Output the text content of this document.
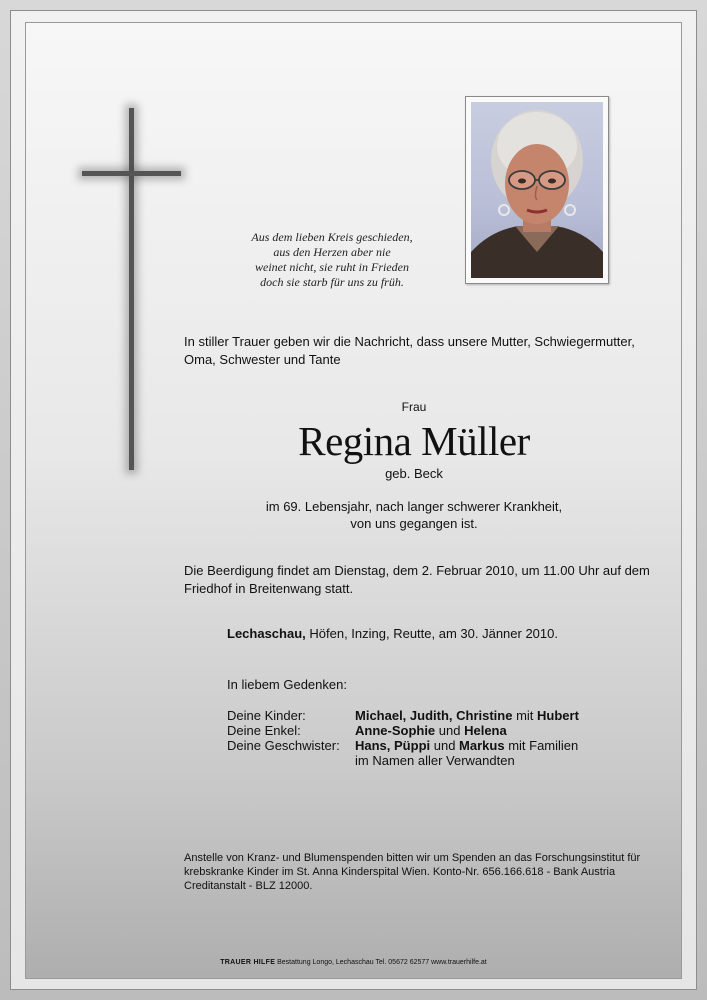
Aus dem lieben Kreis geschieden,
aus den Herzen aber nie
weinet nicht, sie ruht in Frieden
doch sie starb für uns zu früh.
In stiller Trauer geben wir die Nachricht, dass unsere Mutter, Schwiegermutter, Oma, Schwester und Tante
Frau
Regina Müller
geb. Beck
im 69. Lebensjahr, nach langer schwerer Krankheit,
von uns gegangen ist.
Die Beerdigung findet am Dienstag, dem 2. Februar 2010, um 11.00 Uhr auf dem Friedhof in Breitenwang statt.
Lechaschau, Höfen, Inzing, Reutte, am 30. Jänner 2010.
In liebem Gedenken:
Deine Kinder:	Michael, Judith, Christine mit Hubert
Deine Enkel:	Anne-Sophie und Helena
Deine Geschwister: Hans, Püppi und Markus mit Familien
im Namen aller Verwandten
Anstelle von Kranz- und Blumenspenden bitten wir um Spenden an das Forschungsinstitut für krebskranke Kinder im St. Anna Kinderspital Wien. Konto-Nr. 656.166.618 - Bank Austria Creditanstalt - BLZ 12000.
TRAUER HILFE Bestattung Longo, Lechaschau Tel. 05672 62577 www.trauerhilfe.at
